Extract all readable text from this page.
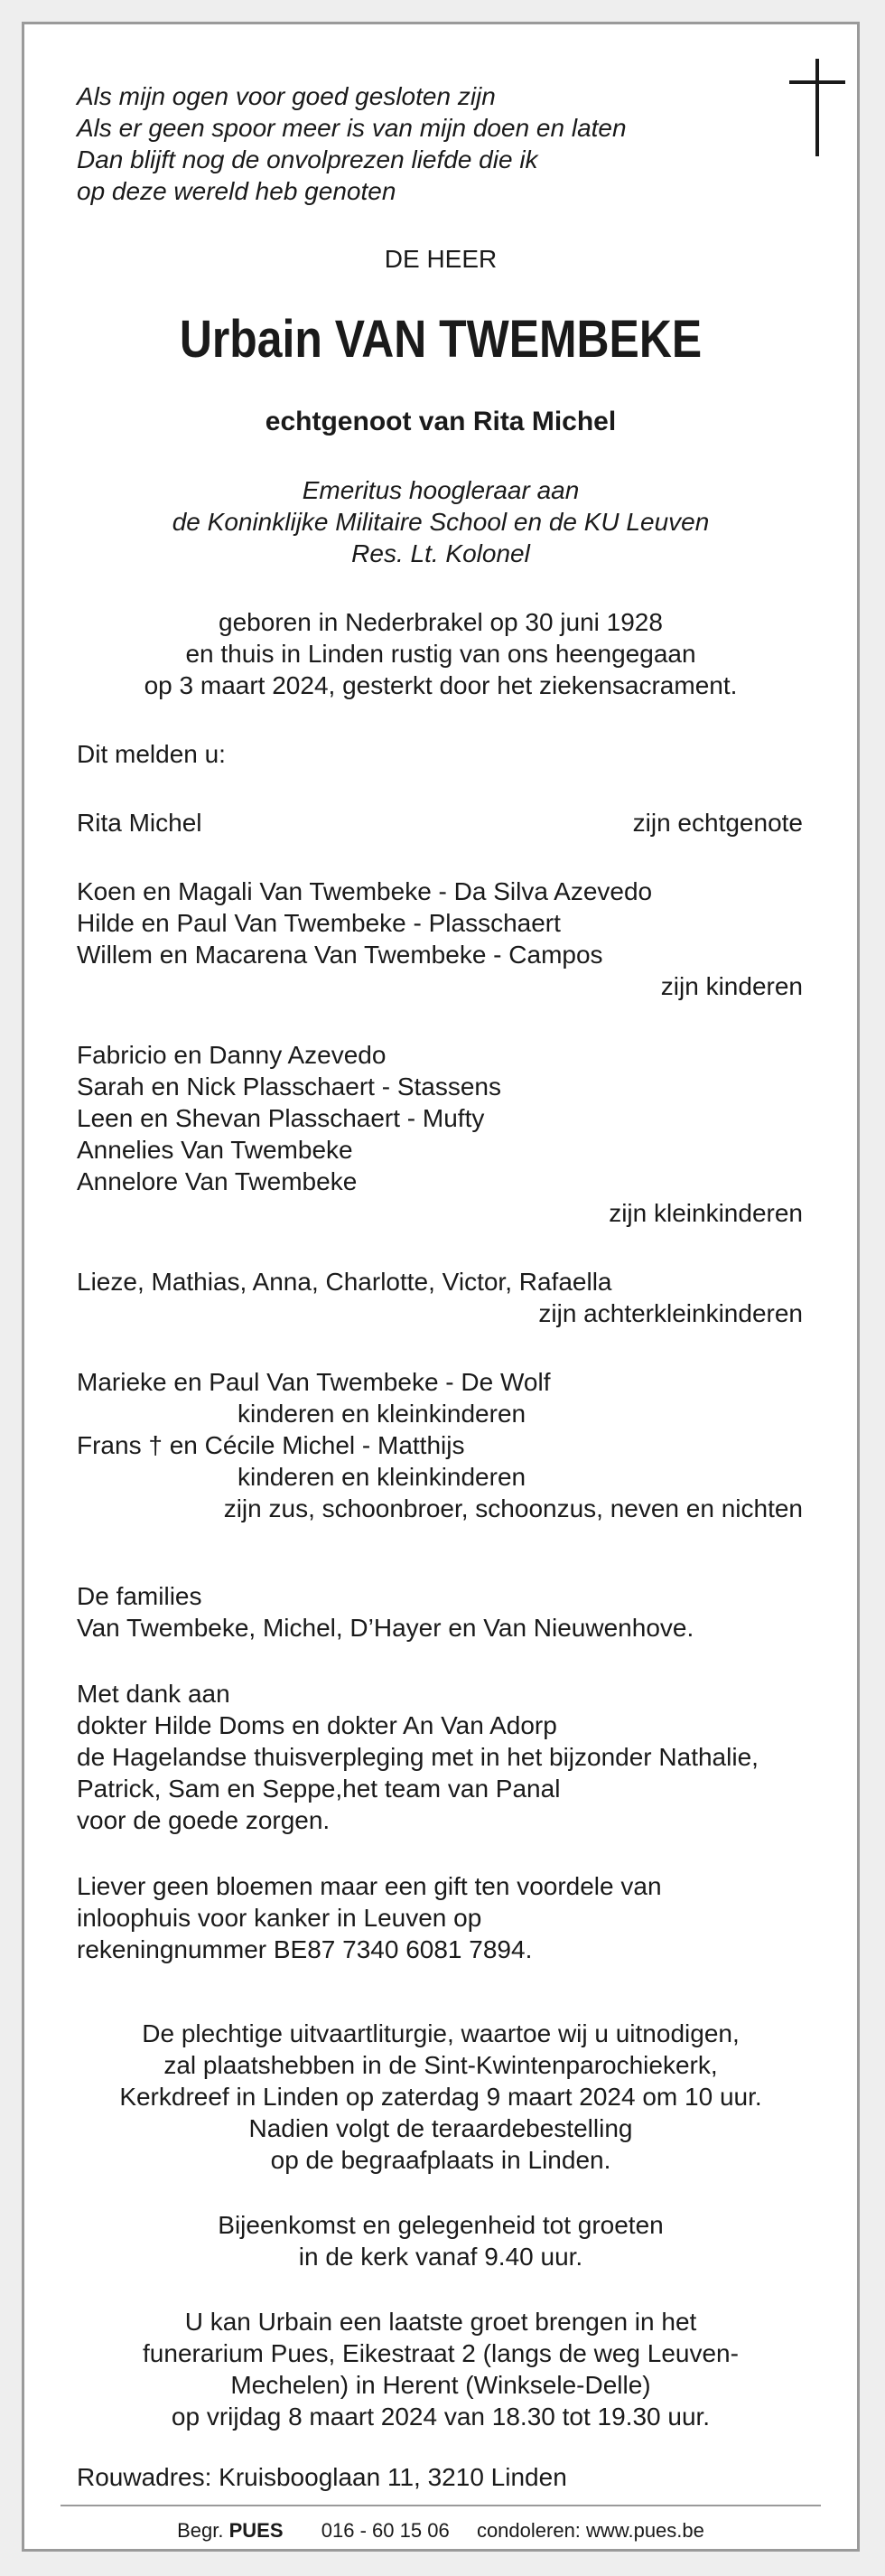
Als mijn ogen voor goed gesloten zijn
Als er geen spoor meer is van mijn doen en laten
Dan blijft nog de onvolprezen liefde die ik
op deze wereld heb genoten
DE HEER
Urbain VAN TWEMBEKE
echtgenoot van Rita Michel
Emeritus hoogleraar aan
de Koninklijke Militaire School en de KU Leuven
Res. Lt. Kolonel
geboren in Nederbrakel op 30 juni 1928
en thuis in Linden rustig van ons heengegaan
op 3 maart 2024, gesterkt door het ziekensacrament.
Dit melden u:
Rita Michel	zijn echtgenote
Koen en Magali Van Twembeke - Da Silva Azevedo
Hilde en Paul Van Twembeke - Plasschaert
Willem en Macarena Van Twembeke - Campos
zijn kinderen
Fabricio en Danny Azevedo
Sarah en Nick Plasschaert - Stassens
Leen en Shevan Plasschaert - Mufty
Annelies Van Twembeke
Annelore Van Twembeke
zijn kleinkinderen
Lieze, Mathias, Anna, Charlotte, Victor, Rafaella
zijn achterkleinkinderen
Marieke en Paul Van Twembeke - De Wolf
kinderen en kleinkinderen
Frans † en Cécile Michel - Matthijs
kinderen en kleinkinderen
zijn zus, schoonbroer, schoonzus, neven en nichten
De families
Van Twembeke, Michel, D’Hayer en Van Nieuwenhove.
Met dank aan
dokter Hilde Doms en dokter An Van Adorp
de Hagelandse thuisverpleging met in het bijzonder Nathalie,
Patrick, Sam en Seppe,het team van Panal
voor de goede zorgen.
Liever geen bloemen maar een gift ten voordele van
inloophuis voor kanker in Leuven op
rekeningnummer BE87 7340 6081 7894.
De plechtige uitvaartliturgie, waartoe wij u uitnodigen,
zal plaatshebben in de Sint-Kwintenparochiekerk,
Kerkdreef in Linden op zaterdag 9 maart 2024 om 10 uur.
Nadien volgt de teraardebestelling
op de begraafplaats in Linden.
Bijeenkomst en gelegenheid tot groeten
in de kerk vanaf 9.40 uur.
U kan Urbain een laatste groet brengen in het
funerarium Pues, Eikestraat 2 (langs de weg Leuven-
Mechelen) in Herent (Winksele-Delle)
op vrijdag 8 maart 2024 van 18.30 tot 19.30 uur.
Rouwadres: Kruisbooglaan 11, 3210 Linden
Begr. PUES 016 - 60 15 06 condoleren: www.pues.be
